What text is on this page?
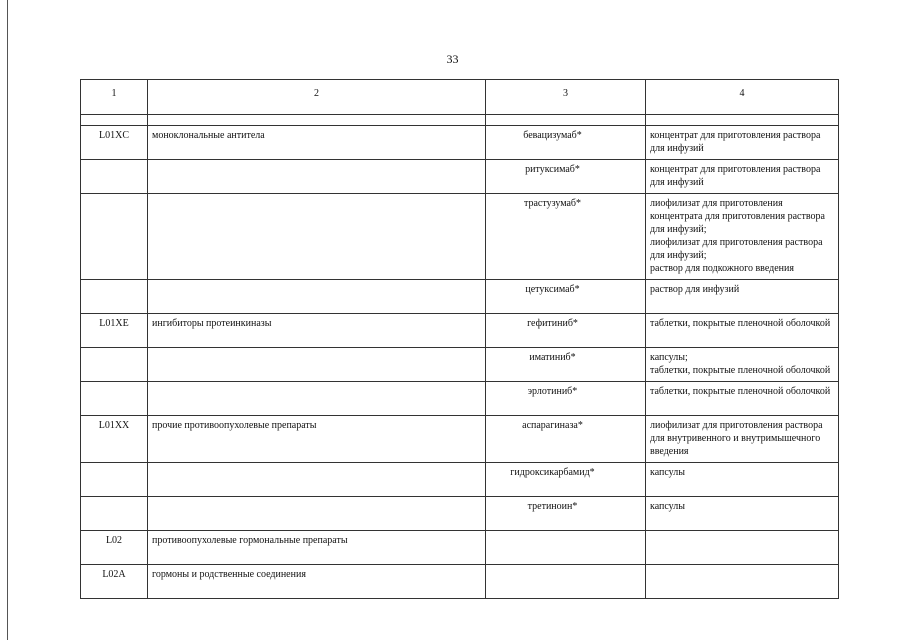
33
1	2	3	4

L01XC	моноклональные антитела	бевацизумаб*	концентрат для приготовления раствора для инфузий
		ритуксимаб*	концентрат для приготовления раствора для инфузий
		трастузумаб*	лиофилизат для приготовления концентрата для приготовления раствора для инфузий;
лиофилизат для приготовления раствора для инфузий;
раствор для подкожного введения
		цетуксимаб*	раствор для инфузий
L01XE	ингибиторы протеинкиназы	гефитиниб*	таблетки, покрытые пленочной оболочкой
		иматиниб*	капсулы;
таблетки, покрытые пленочной оболочкой
		эрлотиниб*	таблетки, покрытые пленочной оболочкой
L01XX	прочие противоопухолевые препараты	аспарагиназа*	лиофилизат для приготовления раствора для внутривенного и внутримышечного введения
		гидроксикарбамид*	капсулы
		третиноин*	капсулы
L02	противоопухолевые гормональные препараты		
L02A	гормоны и родственные соединения		
